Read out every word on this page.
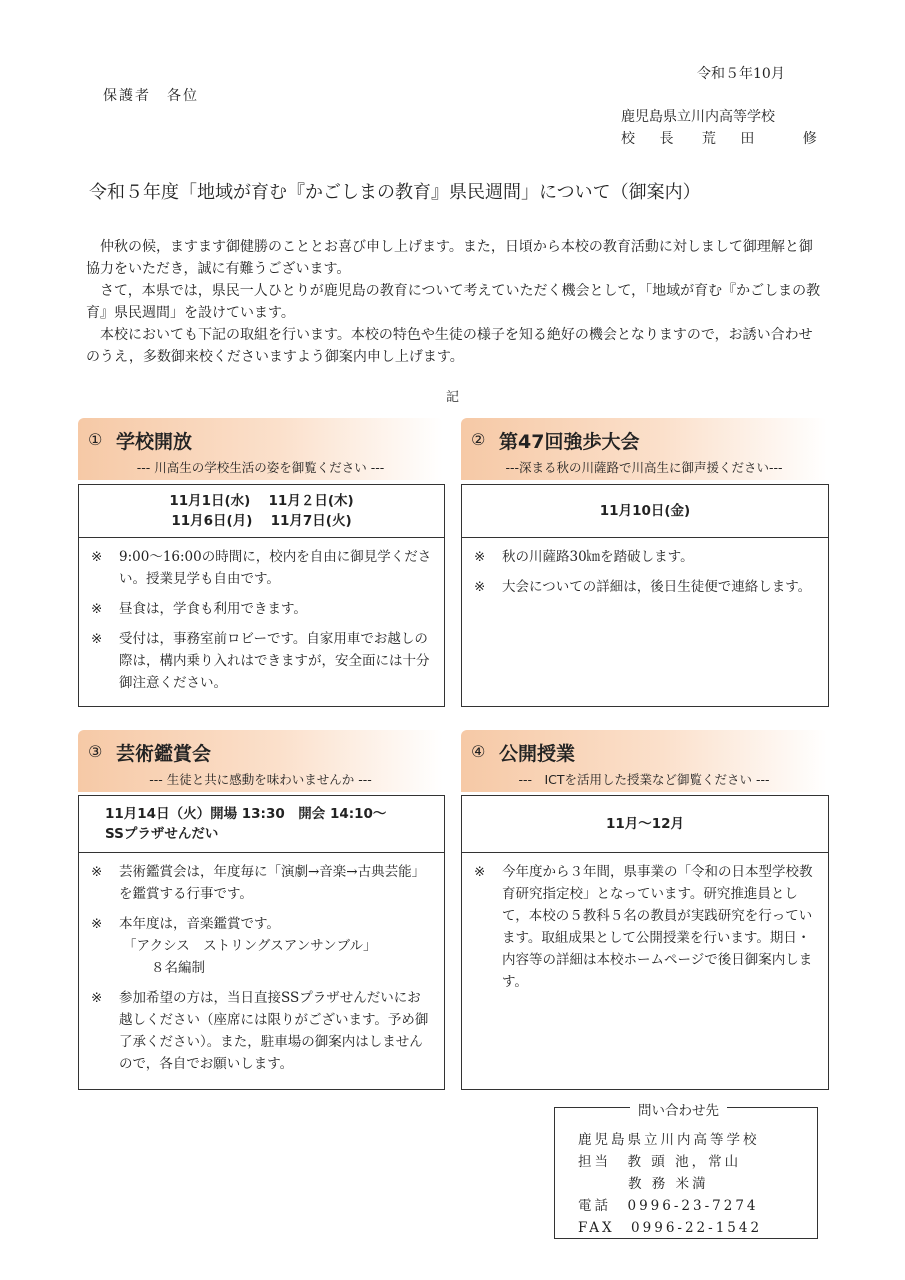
令和５年10月
保護者　各位
鹿児島県立川内高等学校
校 長 荒 田　 修
令和５年度「地域が育む『かごしまの教育』県民週間」について（御案内）

仲秋の候，ますます御健勝のこととお喜び申し上げます。また，日頃から本校の教育活動に対しまして御理解と御協力をいただき，誠に有難うございます。

さて，本県では，県民一人ひとりが鹿児島の教育について考えていただく機会として，「地域が育む『かごしまの教育』県民週間」を設けています。

本校においても下記の取組を行います。本校の特色や生徒の様子を知る絶好の機会となりますので，お誘い合わせのうえ，多数御来校くださいますよう御案内申し上げます。

記
① 学校開放
--- 川高生の学校生活の姿を御覧ください ---
11月1日(水)　 11月２日(木)
11月6日(月)　 11月7日(火)
※	9:00～16:00の時間に，校内を自由に御見学ください。授業見学も自由です。
※	昼食は，学食も利用できます。
※	受付は，事務室前ロビーです。自家用車でお越しの際は，構内乗り入れはできますが，安全面には十分御注意ください。
② 第47回強歩大会
---深まる秋の川薩路で川高生に御声援ください---
11月10日(金)
※	秋の川薩路30㎞を踏破します。
※	大会についての詳細は，後日生徒便で連絡します。
③ 芸術鑑賞会
--- 生徒と共に感動を味わいませんか ---
11月14日（火）開場 13:30　開会 14:10～
SSプラザせんだい
※	芸術鑑賞会は，年度毎に「演劇→音楽→古典芸能」を鑑賞する行事です。
※	本年度は，音楽鑑賞です。
「アクシス　ストリングスアンサンブル」
８名編制
※	参加希望の方は，当日直接SSプラザせんだいにお越しください（座席には限りがございます。予め御了承ください）。また，駐車場の御案内はしませんので，各自でお願いします。
④ 公開授業
---　ICTを活用した授業など御覧ください ---
11月～12月
※	今年度から３年間，県事業の「令和の日本型学校教育研究指定校」となっています。研究推進員として，本校の５教科５名の教員が実践研究を行っています。取組成果として公開授業を行います。期日・内容等の詳細は本校ホームページで後日御案内します。
問い合わせ先
鹿児島県立川内高等学校
担当　教 頭 池，常山
教 務 米満
電話　0996-23-7274
FAX　0996-22-1542
